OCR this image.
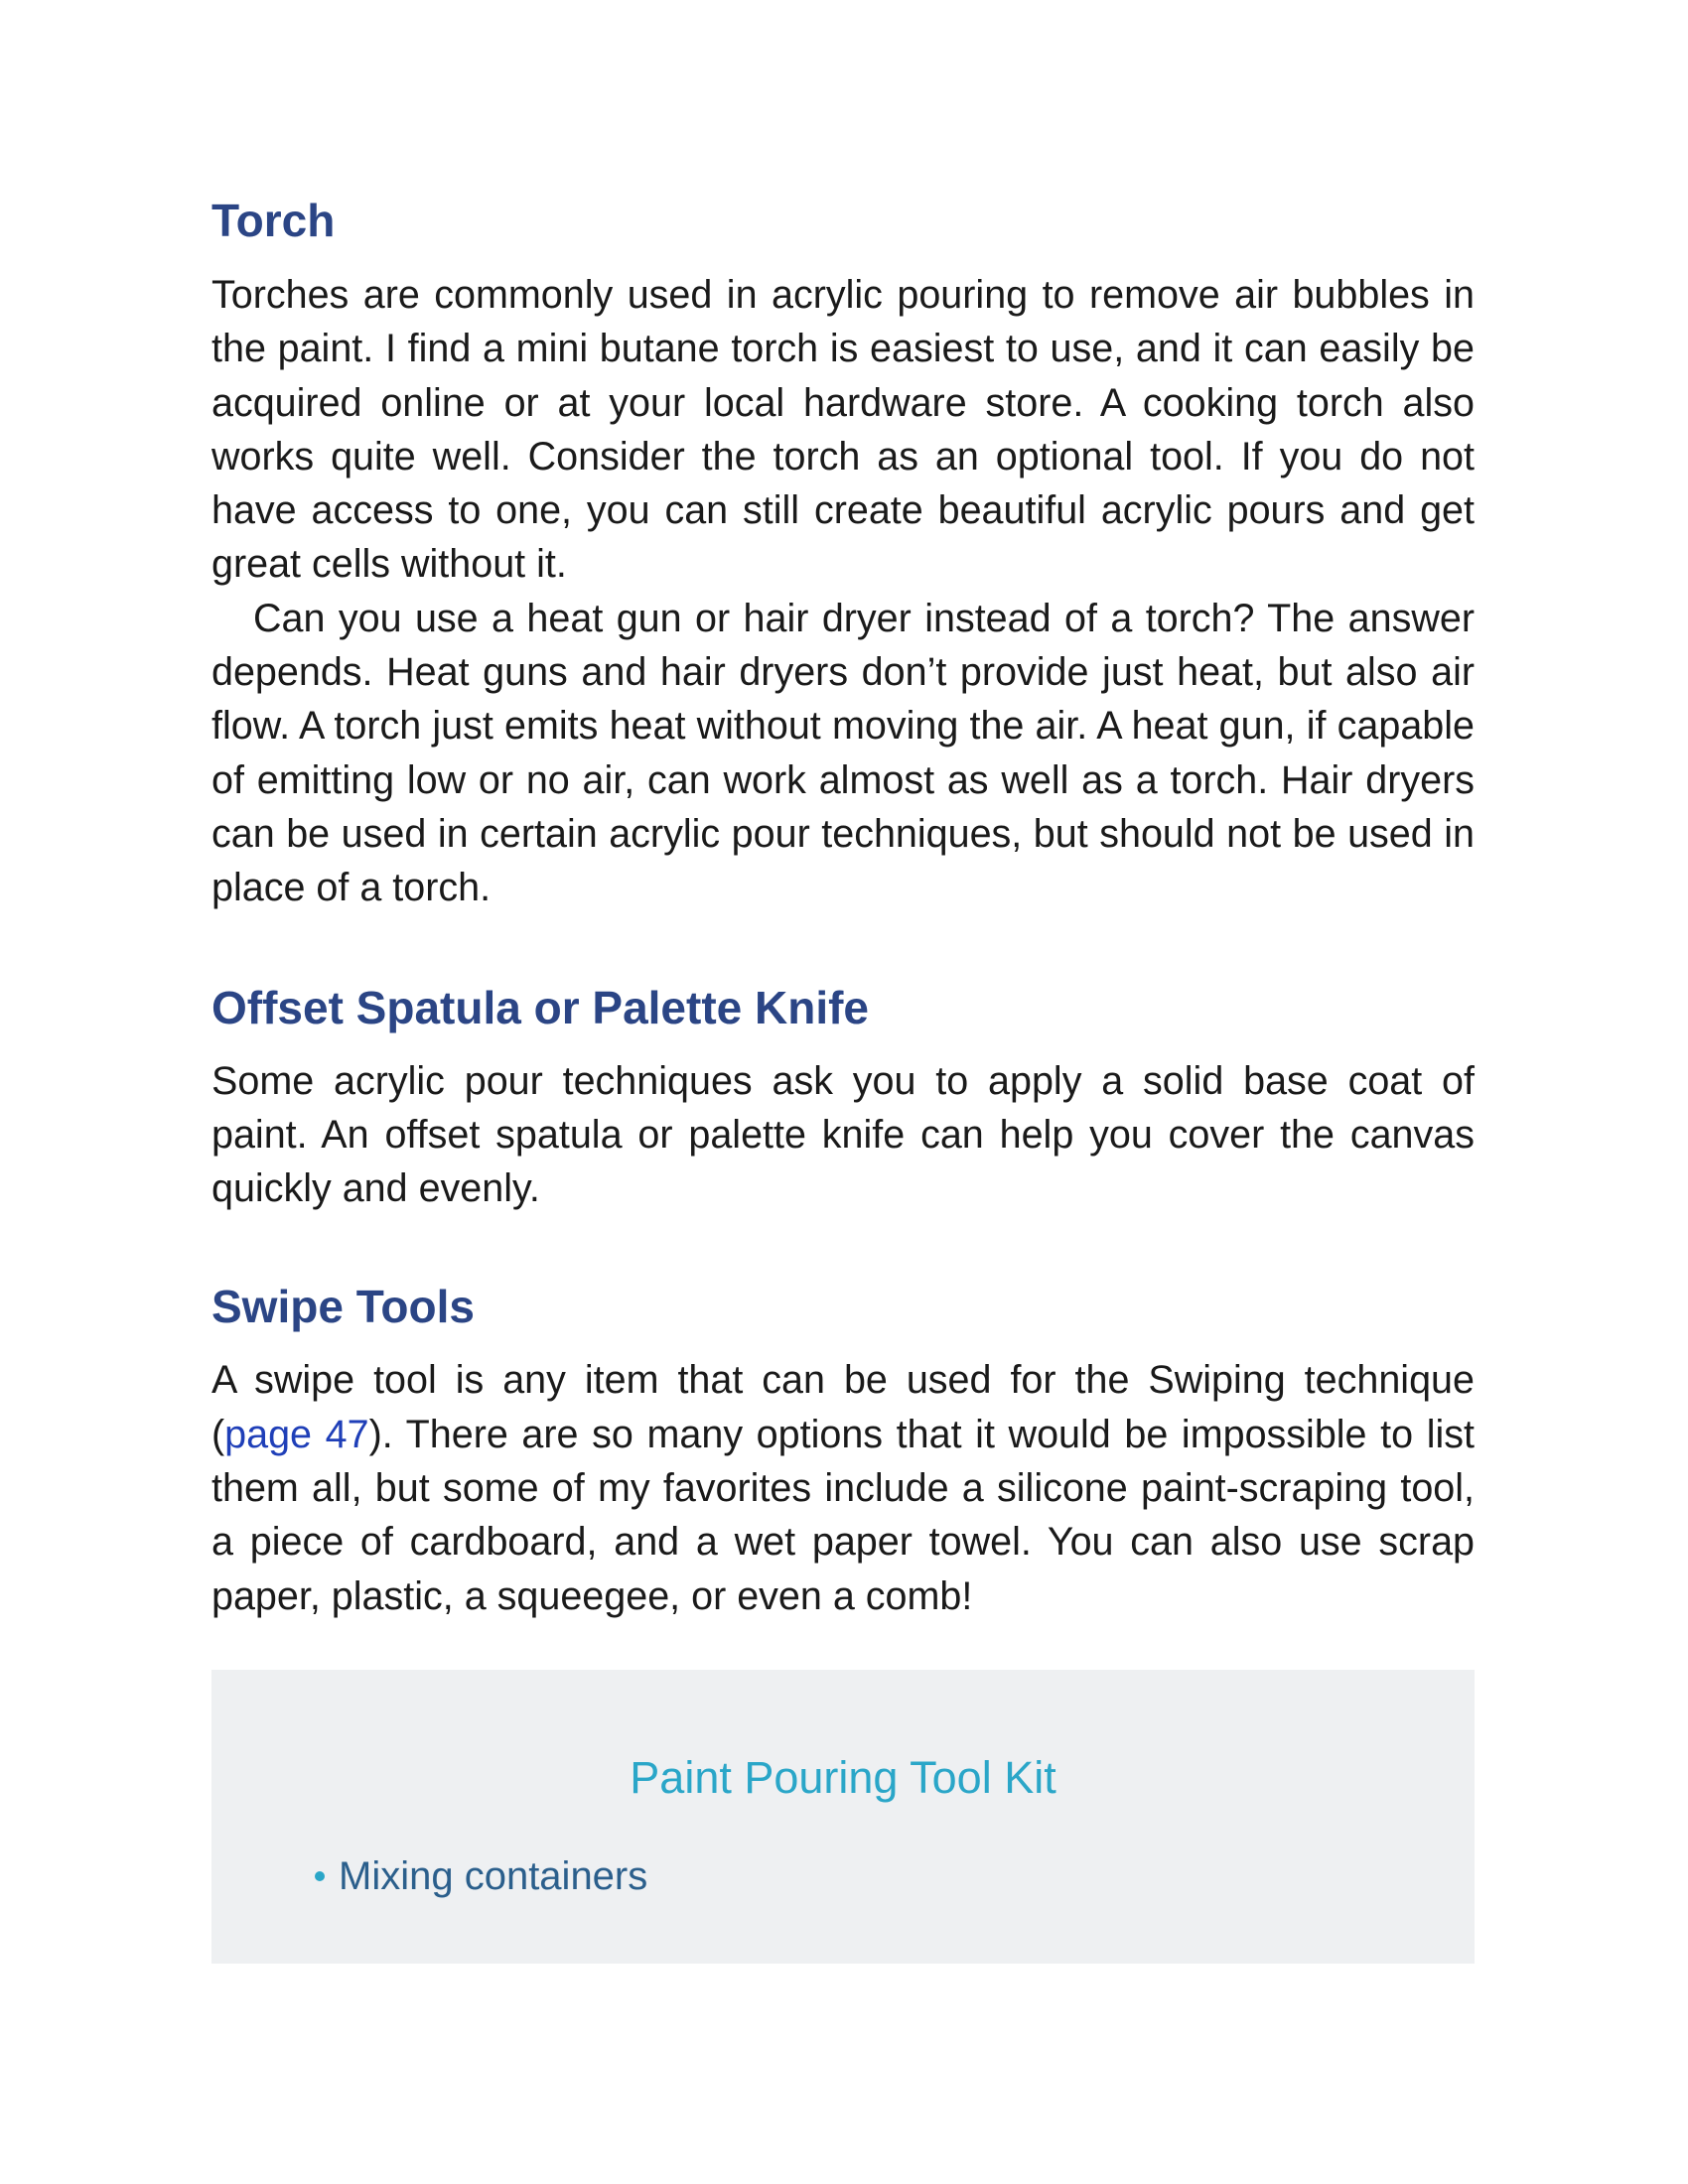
Torch

Torches are commonly used in acrylic pouring to remove air bubbles in the paint. I find a mini butane torch is easiest to use, and it can easily be acquired online or at your local hardware store. A cooking torch also works quite well. Consider the torch as an optional tool. If you do not have access to one, you can still create beautiful acrylic pours and get great cells without it.

Can you use a heat gun or hair dryer instead of a torch? The answer depends. Heat guns and hair dryers don’t provide just heat, but also air flow. A torch just emits heat without moving the air. A heat gun, if capable of emitting low or no air, can work almost as well as a torch. Hair dryers can be used in certain acrylic pour techniques, but should not be used in place of a torch.

Offset Spatula or Palette Knife

Some acrylic pour techniques ask you to apply a solid base coat of paint. An offset spatula or palette knife can help you cover the canvas quickly and evenly.

Swipe Tools

A swipe tool is any item that can be used for the Swiping technique (page 47). There are so many options that it would be impossible to list them all, but some of my favorites include a silicone paint-scraping tool, a piece of cardboard, and a wet paper towel. You can also use scrap paper, plastic, a squeegee, or even a comb!

Paint Pouring Tool Kit
Mixing containers
